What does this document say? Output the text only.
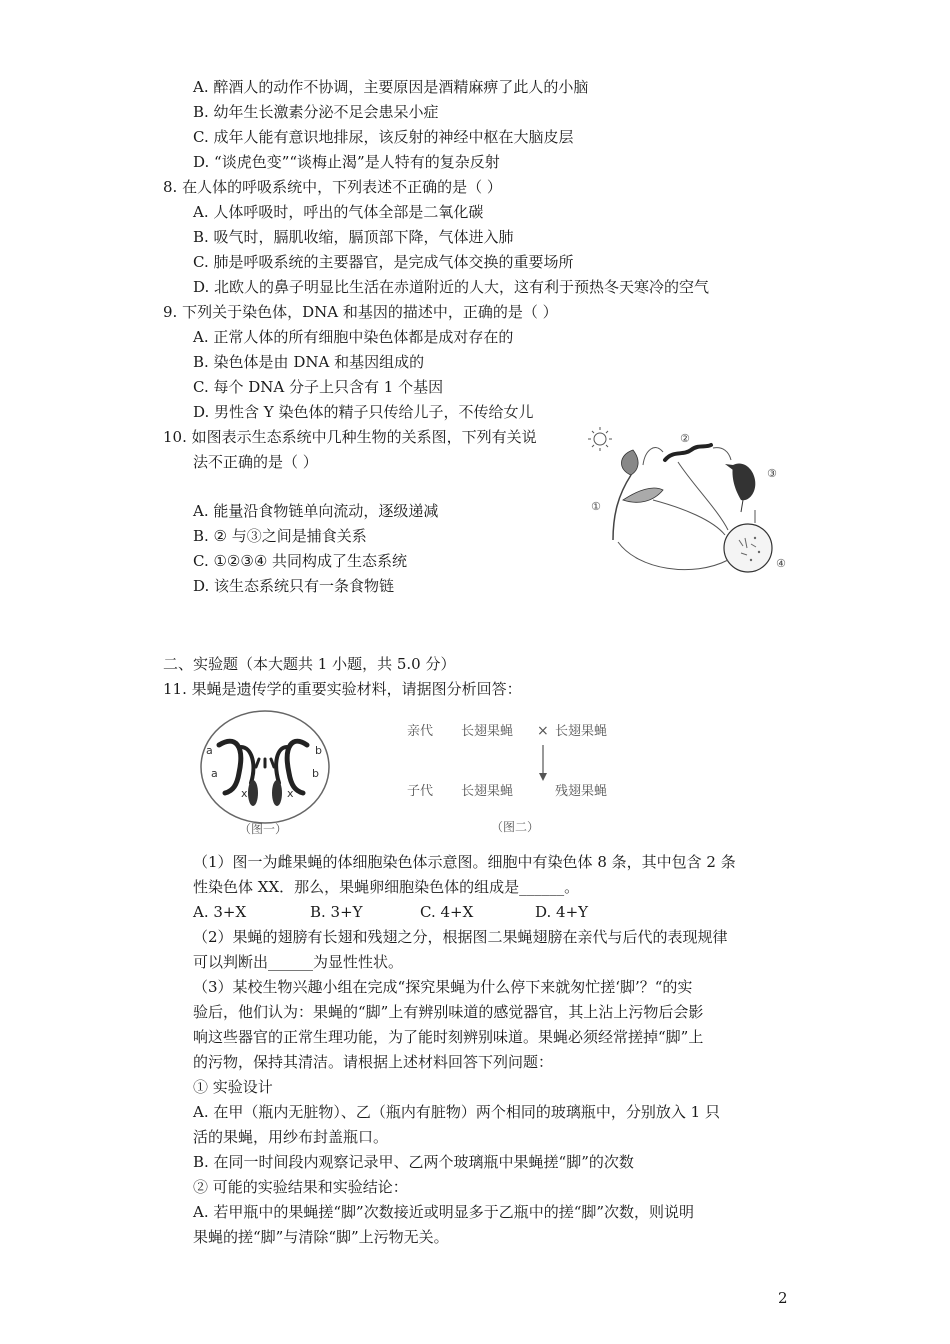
A. 醉酒人的动作不协调，主要原因是酒精麻痹了此人的小脑
B. 幼年生长激素分泌不足会患呆小症
C. 成年人能有意识地排尿，该反射的神经中枢在大脑皮层
D. “谈虎色变”“谈梅止渴”是人特有的复杂反射
8. 在人体的呼吸系统中，下列表述不正确的是（ ）
A. 人体呼吸时，呼出的气体全部是二氧化碳
B. 吸气时，膈肌收缩，膈顶部下降，气体进入肺
C. 肺是呼吸系统的主要器官，是完成气体交换的重要场所
D. 北欧人的鼻子明显比生活在赤道附近的人大，这有利于预热冬天寒冷的空气
9. 下列关于染色体，DNA 和基因的描述中，正确的是（ ）
A. 正常人体的所有细胞中染色体都是成对存在的
B. 染色体是由 DNA 和基因组成的
C. 每个 DNA 分子上只含有 1 个基因
D. 男性含 Y 染色体的精子只传给儿子，不传给女儿
10. 如图表示生态系统中几种生物的关系图，下列有关说
法不正确的是（ ）
A. 能量沿食物链单向流动，逐级递减
B. ② 与③之间是捕食关系
C. ①②③④ 共同构成了生态系统
D. 该生态系统只有一条食物链
①
②
③
④
二、实验题（本大题共 1 小题，共 5.0 分）
11. 果蝇是遗传学的重要实验材料，请据图分析回答：
a
a
b
b
x	x
（图一）
亲代 长翅果蝇 × 长翅果蝇
子代 长翅果蝇	残翅果蝇
（图二）
（1）图一为雌果蝇的体细胞染色体示意图。细胞中有染色体 8 条，其中包含 2 条
性染色体 XX．那么，果蝇卵细胞染色体的组成是______。
A. 3+X	B. 3+Y	C. 4+X	D. 4+Y
（2）果蝇的翅膀有长翅和残翅之分，根据图二果蝇翅膀在亲代与后代的表现规律
可以判断出______为显性性状。
（3）某校生物兴趣小组在完成“探究果蝇为什么停下来就匆忙搓‘脚’？“的实
验后，他们认为：果蝇的“脚”上有辨别味道的感觉器官，其上沾上污物后会影
响这些器官的正常生理功能，为了能时刻辨别味道。果蝇必须经常搓掉“脚”上
的污物，保持其清洁。请根据上述材料回答下列问题：
① 实验设计
A. 在甲（瓶内无脏物）、乙（瓶内有脏物）两个相同的玻璃瓶中，分别放入 1 只
活的果蝇，用纱布封盖瓶口。
B. 在同一时间段内观察记录甲、乙两个玻璃瓶中果蝇搓“脚”的次数
② 可能的实验结果和实验结论：
A. 若甲瓶中的果蝇搓“脚”次数接近或明显多于乙瓶中的搓“脚”次数，则说明
果蝇的搓“脚”与清除“脚”上污物无关。
2
